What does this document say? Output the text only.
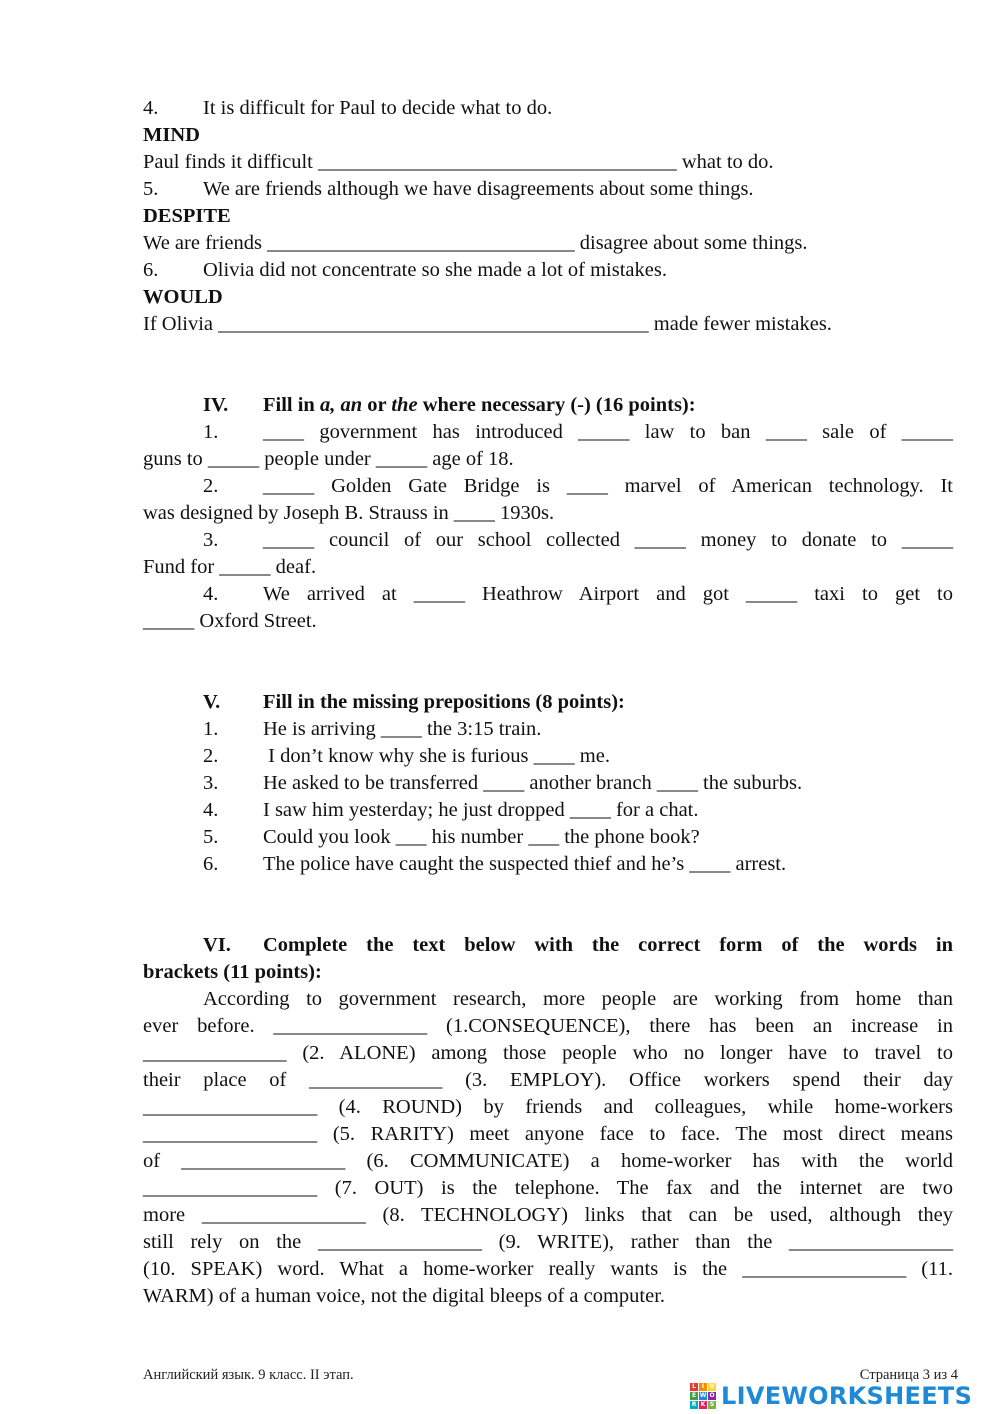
4. It is difficult for Paul to decide what to do.

MIND

Paul finds it difficult ___________________________________ what to do.

5. We are friends although we have disagreements about some things.

DESPITE

We are friends ______________________________ disagree about some things.

6. Olivia did not concentrate so she made a lot of mistakes.

WOULD

If Olivia __________________________________________ made fewer mistakes.

IV. Fill in a, an or the where necessary (-) (16 points):

1. ____ government has introduced _____ law to ban ____ sale of _____

guns to _____ people under _____ age of 18.

2. _____ Golden Gate Bridge is ____ marvel of American technology. It

was designed by Joseph B. Strauss in ____ 1930s.

3. _____ council of our school collected _____ money to donate to _____

Fund for _____ deaf.

4. We arrived at _____ Heathrow Airport and got _____ taxi to get to

_____ Oxford Street.

V. Fill in the missing prepositions (8 points):

1. He is arriving ____ the 3:15 train.

2. I don’t know why she is furious ____ me.

3. He asked to be transferred ____ another branch ____ the suburbs.

4. I saw him yesterday; he just dropped ____ for a chat.

5. Could you look ___ his number ___ the phone book?

6. The police have caught the suspected thief and he’s ____ arrest.

VI. Complete the text below with the correct form of the words in

brackets (11 points):

According to government research, more people are working from home than

ever before. _______________ (1.CONSEQUENCE), there has been an increase in

______________ (2. ALONE) among those people who no longer have to travel to

their place of _____________ (3. EMPLOY). Office workers spend their day

_________________ (4. ROUND) by friends and colleagues, while home-workers

_________________ (5. RARITY) meet anyone face to face. The most direct means

of ________________ (6. COMMUNICATE) a home-worker has with the world

_________________ (7. OUT) is the telephone. The fax and the internet are two

more ________________ (8. TECHNOLOGY) links that can be used, although they

still rely on the ________________ (9. WRITE), rather than the ________________

(10. SPEAK) word. What a home-worker really wants is the ________________ (11.

WARM) of a human voice, not the digital bleeps of a computer.

Английский язык. 9 класс. II этап.	Страница 3 из 4
L I V
E W O
R K S LIVEWORKSHEETS
